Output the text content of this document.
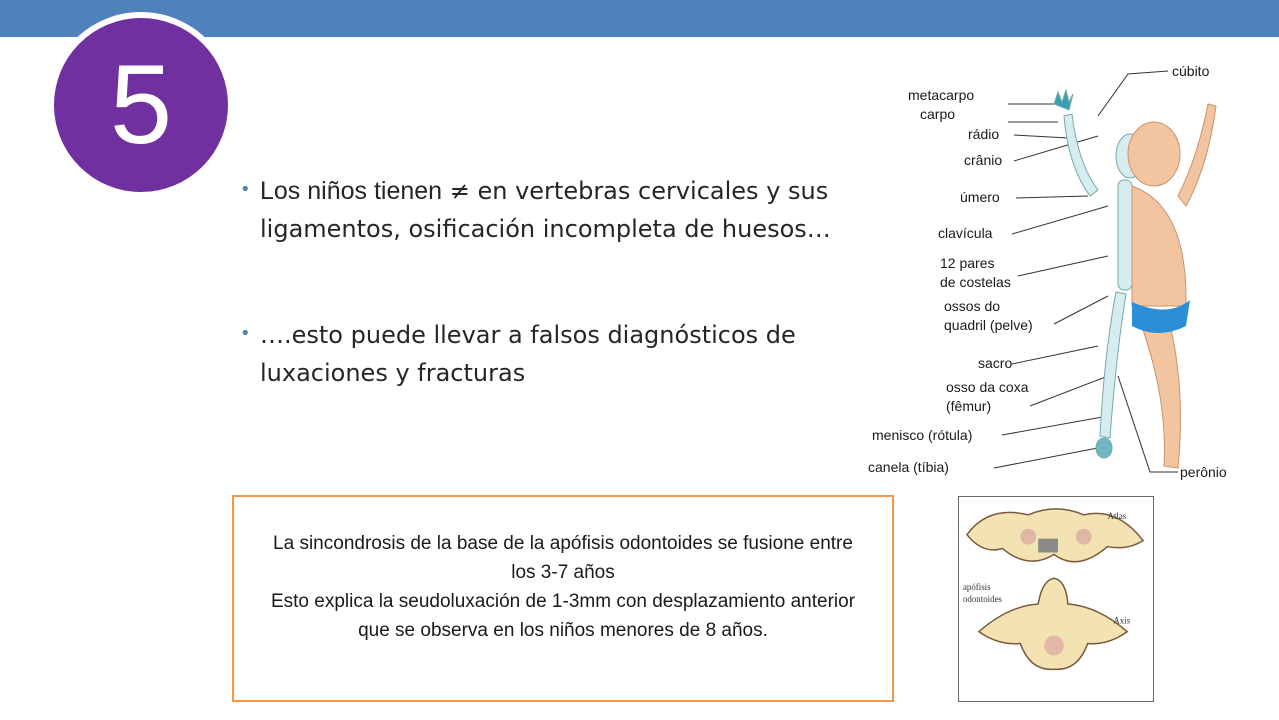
5
• Los niños tienen ≠ en vertebras cervicales y sus ligamentos, osificación incompleta de huesos…
• ….esto puede llevar a falsos diagnósticos de luxaciones y fracturas
metacarpo
carpo
rádio
crânio
úmero
clavícula
12 pares
de costelas
ossos do
quadril (pelve)
sacro
osso da coxa
(fêmur)
menisco (rótula)
canela (tíbia)
cúbito
perônio
Atlas
Axis
apófisis
odontoides
La sincondrosis de la base de la apófisis odontoides se fusione entre los 3-7 años
Esto explica la seudoluxación de 1-3mm con desplazamiento anterior que se observa en los niños menores de 8 años.
